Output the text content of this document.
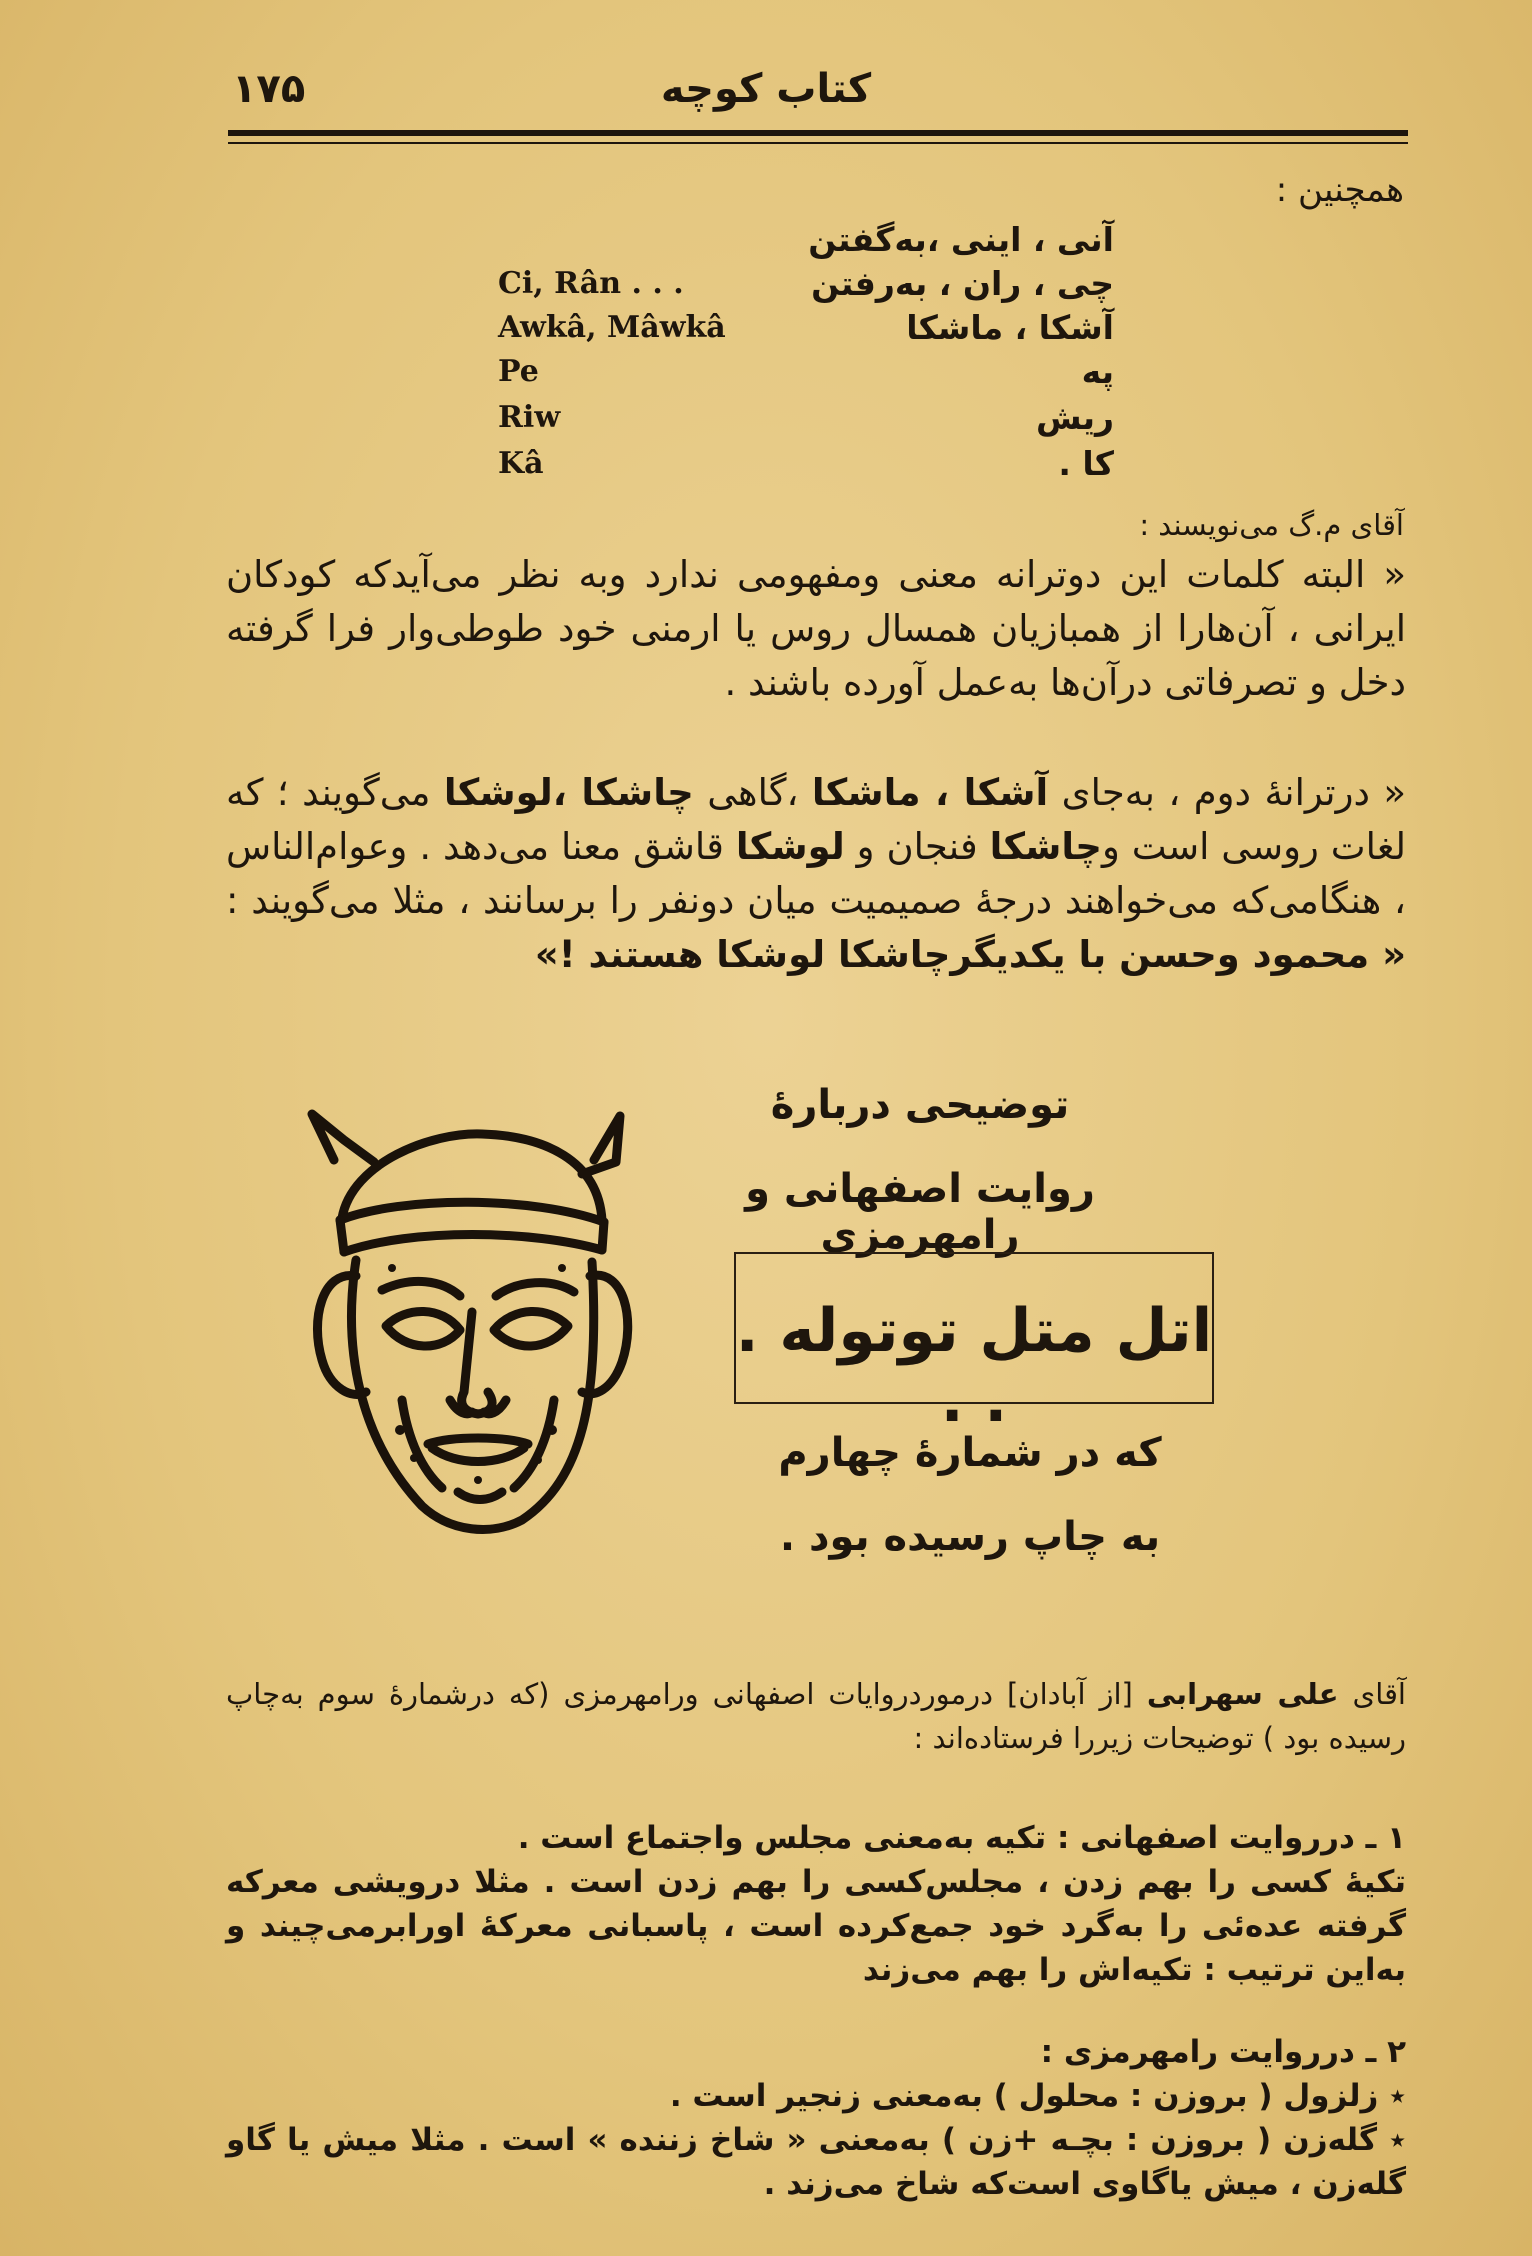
۱۷۵	کتاب کوچه
همچنین :
آنی ، اینی ،به‌گفتن
چی ، ران ، به‌رفتن
Ci, Rân . . .
آشکا ، ماشکا
Awkâ, Mâwkâ
په
Pe
ریش
Riw
کا .
Kâ
آقای م.گ‌ می‌نویسند :
« البته کلمات این دوترانه معنی ومفهومی ندارد وبه نظر می‌آیدکه کودکان ایرانی ، آن‌هارا از همبازیان همسال روس یا ارمنی خود طوطی‌وار فرا گرفته دخل و تصرفاتی درآن‌ها به‌عمل آورده باشند .
« درترانهٔ دوم ، به‌جای آشکا ، ماشکا ،گاهی چاشکا ،لوشکا می‌گویند ؛ که لغات روسی است وچاشکا فنجان و لوشکا قاشق معنا می‌دهد . وعوام‌الناس ، هنگامی‌که می‌خواهند درجهٔ صمیمیت میان دونفر را برسانند ، مثلا می‌گویند : « محمود وحسن با یکدیگرچاشکا لوشکا هستند !»
توضیحی دربارهٔ
روایت اصفهانی و رامهرمزی
اتل متل توتوله . . .
که در شمارهٔ چهارم
به چاپ رسیده بود .
آقای علی سهرابی [از آبادان] درموردروایات اصفهانی ورامهرمزی (که درشمارهٔ سوم به‌چاپ رسیده بود ) توضیحات زیررا فرستاده‌اند :
۱ ـ درروایت اصفهانی : تکیه به‌معنی مجلس واجتماع است .
تکیهٔ کسی را بهم زدن ، مجلس‌کسی را بهم زدن است . مثلا درویشی معرکه گرفته عده‌ئی را به‌گرد خود جمع‌کرده است ، پاسبانی معرکهٔ اورابرمی‌چیند و به‌این ترتیب : تکیه‌اش را بهم می‌زند
۲ ـ درروایت رامهرمزی :
٭ زلزول ( بروزن : محلول ) به‌معنی زنجیر است .
٭ گله‌زن ( بروزن : بچـه +زن ) به‌معنی « شاخ زننده » است . مثلا میش یا گاو گله‌زن ، میش یاگاوی است‌که شاخ می‌زند .
